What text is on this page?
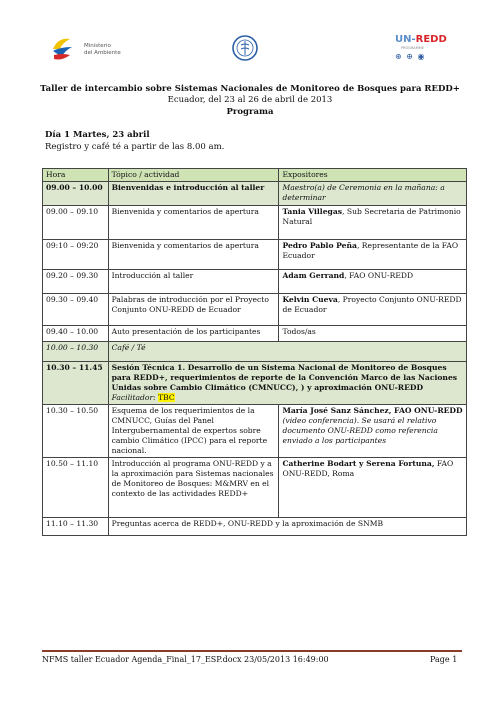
Ministerio
del Ambiente
UN-REDD
PROGRAMME
⊛ ⊕ ◉
Taller de intercambio sobre Sistemas Nacionales de Monitoreo de Bosques para REDD+
Ecuador, del 23 al 26 de abril de 2013
Programa
Día 1 Martes, 23 abril
Registro y café té a partir de las 8.00 am.
Hora	Tópico / actividad	Expositores
09.00 – 10.00	Bienvenidas e introducción al taller	Maestro(a) de Ceremonia en la mañana: a determinar
09.00 – 09.10	Bienvenida y comentarios de apertura	Tania Villegas, Sub Secretaria de Patrimonio Natural
09:10 – 09:20	Bienvenida y comentarios de apertura	Pedro Pablo Peña, Representante de la FAO Ecuador
09.20 – 09.30	Introducción al taller	Adam Gerrand, FAO ONU-REDD
09.30 – 09.40	Palabras de introducción por el Proyecto Conjunto ONU-REDD de Ecuador	Kelvin Cueva, Proyecto Conjunto ONU-REDD de Ecuador
09.40 – 10.00	Auto presentación de los participantes	Todos/as
10.00 – 10.30	Café / Té	
10.30 – 11.45	Sesión Técnica 1. Desarrollo de un Sistema Nacional de Monitoreo de Bosques para REDD+, requerimientos de reporte de la Convención Marco de las Naciones Unidas sobre Cambio Climático (CMNUCC), ) y aproximación ONU-REDD
Facilitador: TBC	
10.30 – 10.50	Esquema de los requerimientos de la CMNUCC, Guías del Panel Intergubernamental de expertos sobre cambio Climático (IPCC) para el reporte nacional.	María José Sanz Sánchez, FAO ONU-REDD (video conferencia). Se usará el relativo documento ONU-REDD como referencia enviado a los participantes
10.50 – 11.10	Introducción al programa ONU-REDD y a la aproximación para Sistemas nacionales de Monitoreo de Bosques: M&MRV en el contexto de las actividades REDD+	Catherine Bodart y Serena Fortuna, FAO ONU-REDD, Roma
11.10 – 11.30	Preguntas acerca de REDD+, ONU-REDD y la aproximación de SNMB	
NFMS taller Ecuador Agenda_Final_17_ESP.docx 23/05/2013 16:49:00	Page 1
